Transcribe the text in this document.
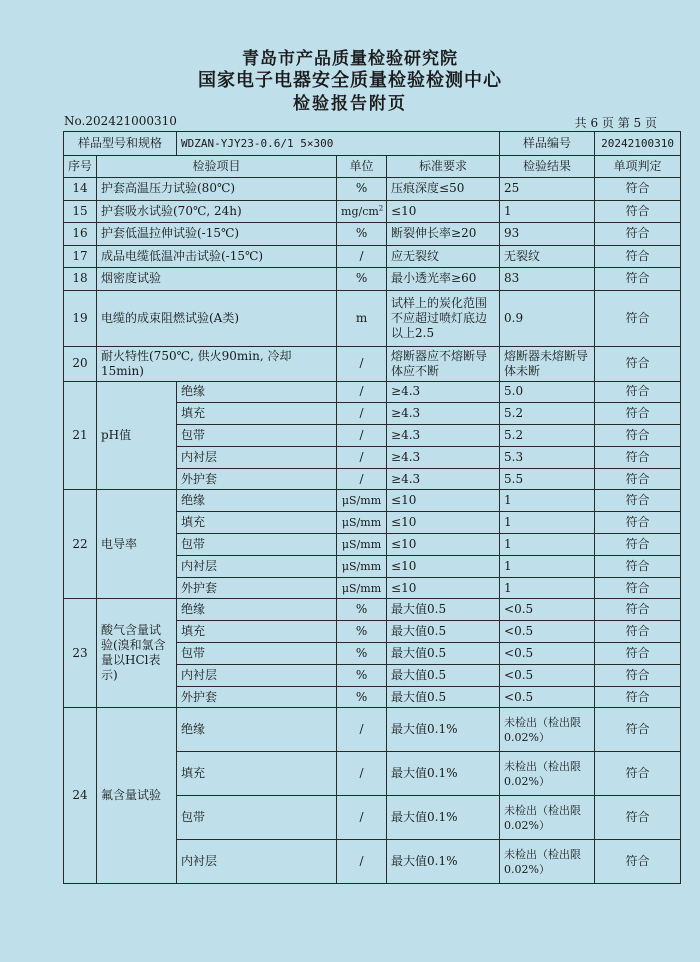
青岛市产品质量检验研究院
国家电子电器安全质量检验检测中心
检验报告附页
No.202421000310	共 6 页 第 5 页
样品型号和规格		WDZAN-YJY23-0.6/1 5×300			样品编号	20242100310
序号	检验项目		单位	标准要求	检验结果	单项判定
14	护套高温压力试验(80℃)		%	压痕深度≤50	25	符合
15	护套吸水试验(70℃, 24h)		$mg/cm^2$	≤10	1	符合
16	护套低温拉伸试验(-15℃)		%	断裂伸长率≥20	93	符合
17	成品电缆低温冲击试验(-15℃)		/	应无裂纹	无裂纹	符合
18	烟密度试验		%	最小透光率≥60	83	符合
19	电缆的成束阻燃试验(A类)		m	试样上的炭化范围不应超过喷灯底边以上2.5	0.9	符合
20	耐火特性(750℃, 供火90min, 冷却15min)		/	熔断器应不熔断导体应不断	熔断器未熔断导体未断	符合
21	pH值	绝缘	/	≥4.3	5.0	符合
		填充	/	≥4.3	5.2	符合
		包带	/	≥4.3	5.2	符合
		内衬层	/	≥4.3	5.3	符合
		外护套	/	≥4.3	5.5	符合
22	电导率	绝缘	μS/mm	≤10	1	符合
		填充	μS/mm	≤10	1	符合
		包带	μS/mm	≤10	1	符合
		内衬层	μS/mm	≤10	1	符合
		外护套	μS/mm	≤10	1	符合
23	酸气含量试验(溴和氯含量以HCl表示)	绝缘	%	最大值0.5	<0.5	符合
		填充	%	最大值0.5	<0.5	符合
		包带	%	最大值0.5	<0.5	符合
		内衬层	%	最大值0.5	<0.5	符合
		外护套	%	最大值0.5	<0.5	符合
24	氟含量试验	绝缘	/	最大值0.1%	未检出（检出限0.02%）	符合
		填充	/	最大值0.1%	未检出（检出限0.02%）	符合
		包带	/	最大值0.1%	未检出（检出限0.02%）	符合
		内衬层	/	最大值0.1%	未检出（检出限0.02%）	符合
